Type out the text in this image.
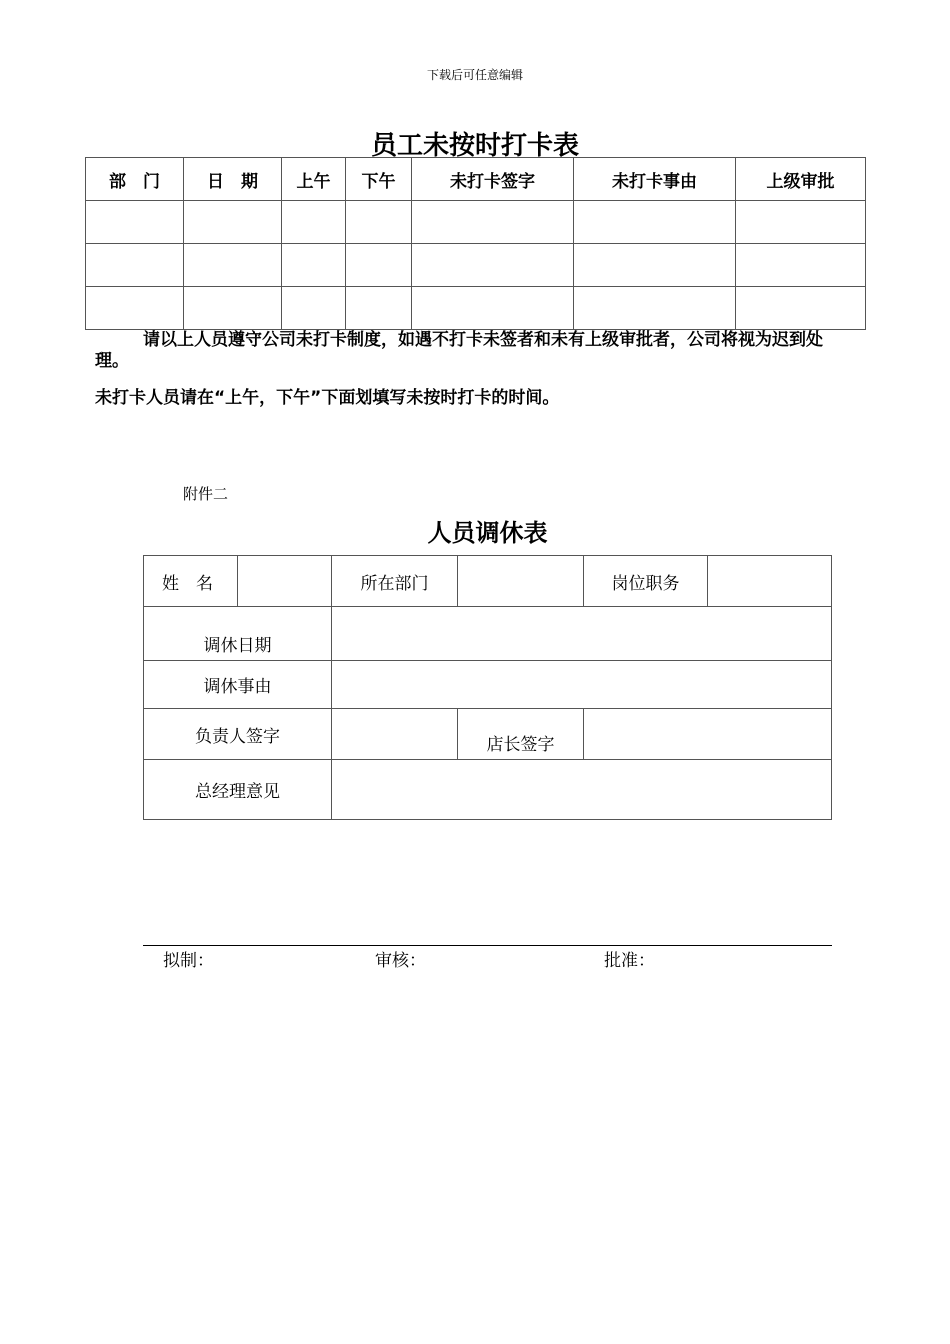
下载后可任意编辑
员工未按时打卡表
部　门	日　期	上午	下午	未打卡签字	未打卡事由	上级审批

请以上人员遵守公司未打卡制度，如遇不打卡未签者和未有上级审批者，公司将视为迟到处理。
未打卡人员请在“上午，下午”下面划填写未按时打卡的时间。
附件二
人员调休表
姓　名		所在部门		岗位职务	
调休日期					
调休事由					
负责人签字			店长签字		
总经理意见					
拟制：	审核：	批准：
